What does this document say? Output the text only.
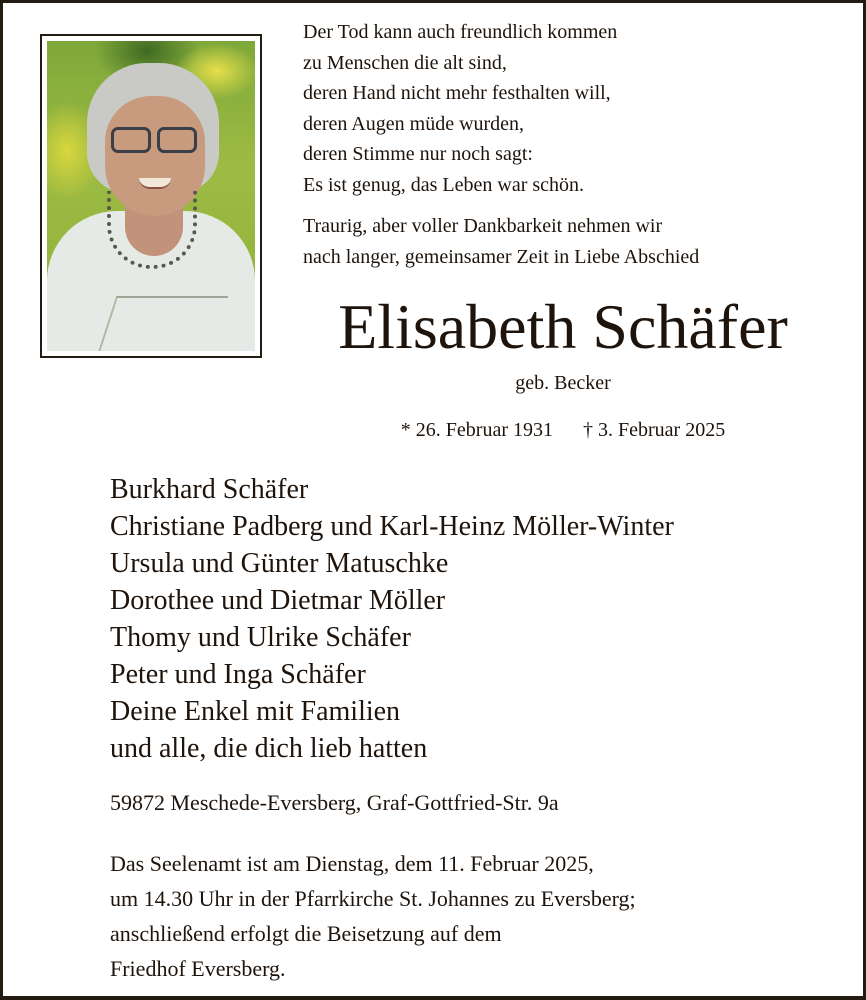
Der Tod kann auch freundlich kommen
zu Menschen die alt sind,
deren Hand nicht mehr festhalten will,
deren Augen müde wurden,
deren Stimme nur noch sagt:
Es ist genug, das Leben war schön.
Traurig, aber voller Dankbarkeit nehmen wir
nach langer, gemeinsamer Zeit in Liebe Abschied
Elisabeth Schäfer
geb. Becker
* 26. Februar 1931 † 3. Februar 2025
Burkhard Schäfer
Christiane Padberg und Karl-Heinz Möller-Winter
Ursula und Günter Matuschke
Dorothee und Dietmar Möller
Thomy und Ulrike Schäfer
Peter und Inga Schäfer
Deine Enkel mit Familien
und alle, die dich lieb hatten
59872 Meschede-Eversberg, Graf-Gottfried-Str. 9a
Das Seelenamt ist am Dienstag, dem 11. Februar 2025,
um 14.30 Uhr in der Pfarrkirche St. Johannes zu Eversberg;
anschließend erfolgt die Beisetzung auf dem
Friedhof Eversberg.
